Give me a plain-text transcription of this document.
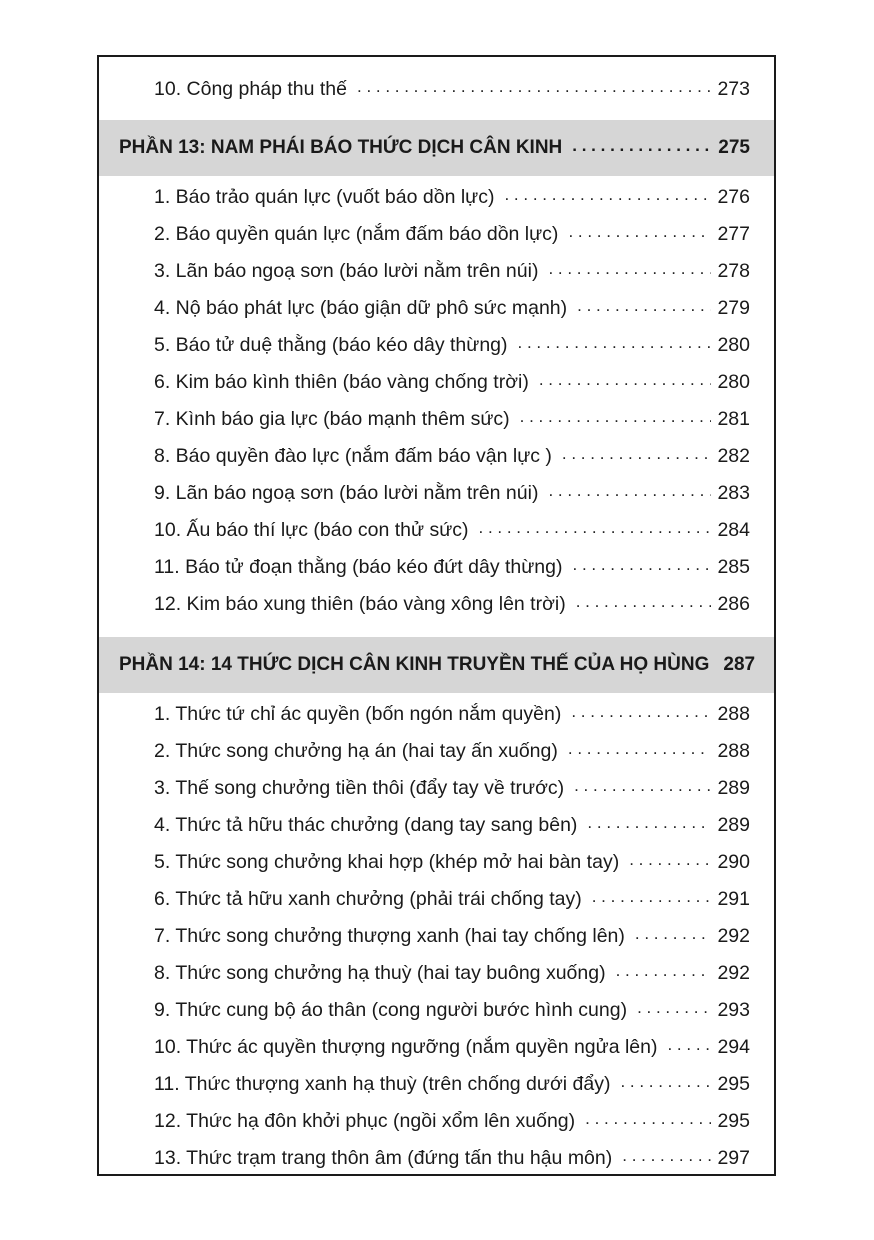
10. Công pháp thu thế . . .	273
PHẦN 13: NAM PHÁI BÁO THỨC DỊCH CÂN KINH . . .	275
1. Báo trảo quán lực (vuốt báo dồn lực) . . .	276
2. Báo quyền quán lực (nắm đấm báo dồn lực) . . .	277
3. Lãn báo ngoạ sơn (báo lười nằm trên núi) . . .	278
4. Nộ báo phát lực (báo giận dữ phô sức mạnh) . . .	279
5. Báo tử duệ thằng (báo kéo dây thừng) . . .	280
6. Kim báo kình thiên (báo vàng chống trời) . . .	280
7. Kình báo gia lực (báo mạnh thêm sức) . . .	281
8. Báo quyền đào lực (nắm đấm báo vận lực ) . . .	282
9. Lãn báo ngoạ sơn (báo lười nằm trên núi) . . .	283
10. Ấu báo thí lực (báo con thử sức) . . .	284
11. Báo tử đoạn thằng (báo kéo đứt dây thừng) . . .	285
12. Kim báo xung thiên (báo vàng xông lên trời) . . .	286
PHẦN 14: 14 THỨC DỊCH CÂN KINH TRUYỀN THẾ CỦA HỌ HÙNG 287
1. Thức tứ chỉ ác quyền (bốn ngón nắm quyền) . . .	288
2. Thức song chưởng hạ án (hai tay ấn xuống) . . .	288
3. Thế song chưởng tiền thôi (đẩy tay về trước) . . .	289
4. Thức tả hữu thác chưởng (dang tay sang bên) . . .	289
5. Thức song chưởng khai hợp (khép mở hai bàn tay) . . .	290
6. Thức tả hữu xanh chưởng (phải trái chống tay) . . .	291
7. Thức song chưởng thượng xanh (hai tay chống lên) . . .	292
8. Thức song chưởng hạ thuỳ (hai tay buông xuống) . . .	292
9. Thức cung bộ áo thân (cong người bước hình cung) . . .	293
10. Thức ác quyền thượng ngưỡng (nắm quyền ngửa lên) . . .	294
11. Thức thượng xanh hạ thuỳ (trên chống dưới đẩy) . . .	295
12. Thức hạ đôn khởi phục (ngồi xổm lên xuống) . . .	295
13. Thức trạm trang thôn âm (đứng tấn thu hậu môn) . . .	297
